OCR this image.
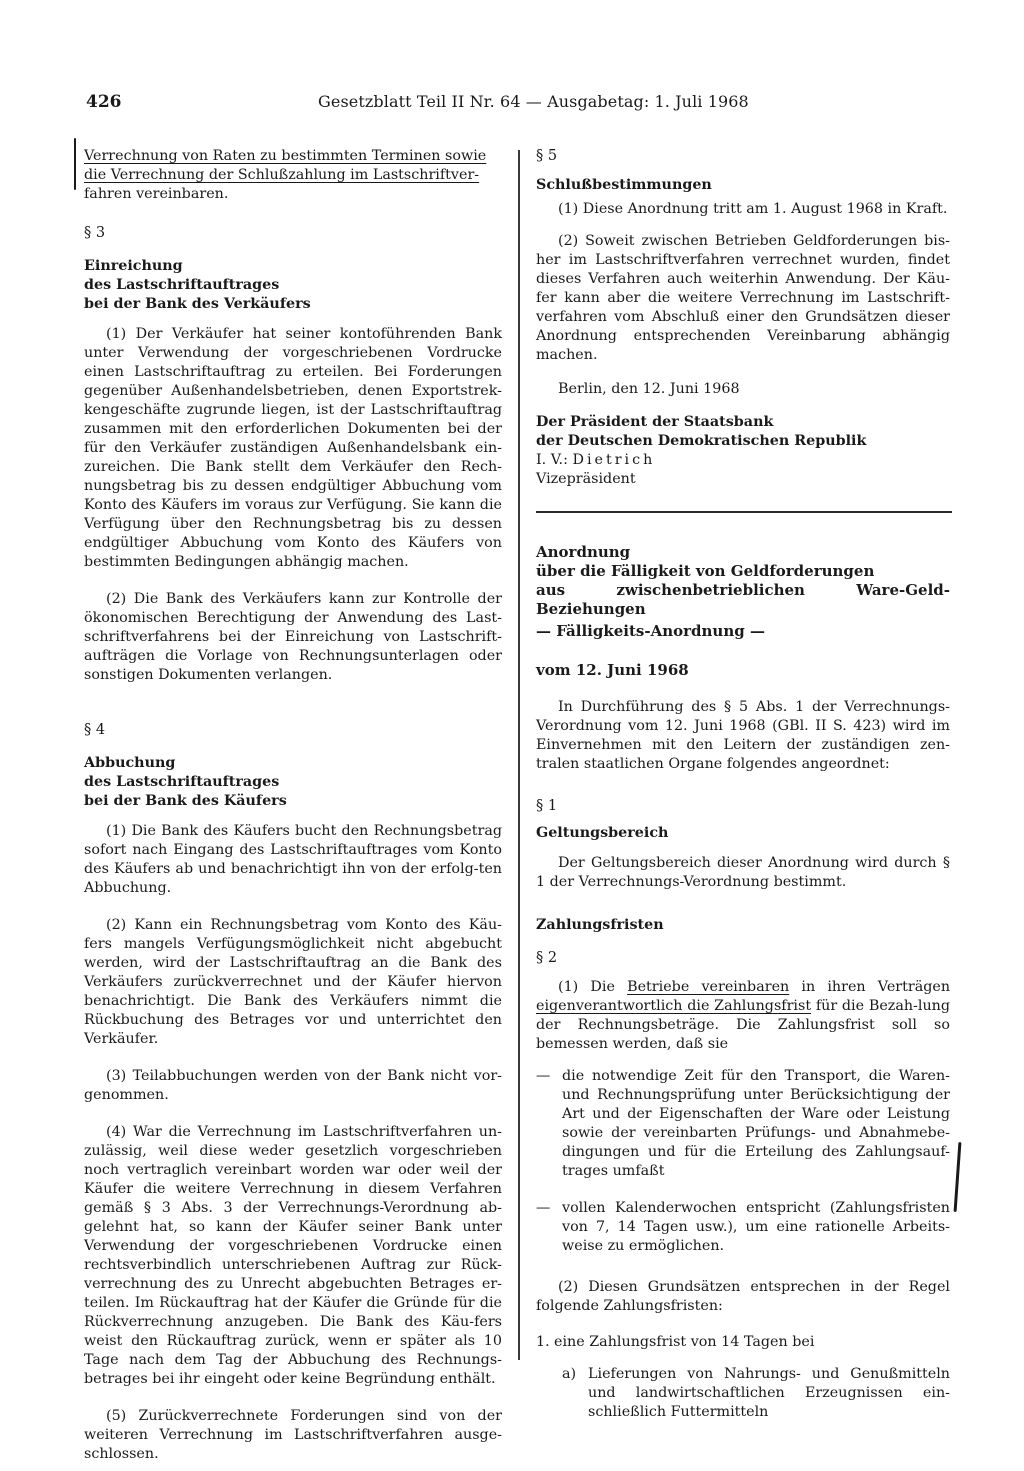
426	Gesetzblatt Teil II Nr. 64 — Ausgabetag: 1. Juli 1968

Verrechnung von Raten zu bestimmten Terminen sowie

die Verrechnung der Schlußzahlung im Lastschriftver-

fahren vereinbaren.

§ 3

Einreichung

des Lastschriftauftrages

bei der Bank des Verkäufers

(1) Der Verkäufer hat seiner kontoführenden Bank unter Verwendung der vorgeschriebenen Vordrucke einen Lastschriftauftrag zu erteilen. Bei Forderungen gegenüber Außenhandelsbetrieben, denen Exportstrek-kengeschäfte zugrunde liegen, ist der Lastschriftauftrag zusammen mit den erforderlichen Dokumenten bei der für den Verkäufer zuständigen Außenhandelsbank ein-zureichen. Die Bank stellt dem Verkäufer den Rech-nungsbetrag bis zu dessen endgültiger Abbuchung vom Konto des Käufers im voraus zur Verfügung. Sie kann die Verfügung über den Rechnungsbetrag bis zu dessen endgültiger Abbuchung vom Konto des Käufers von bestimmten Bedingungen abhängig machen.

(2) Die Bank des Verkäufers kann zur Kontrolle der ökonomischen Berechtigung der Anwendung des Last-schriftverfahrens bei der Einreichung von Lastschrift-aufträgen die Vorlage von Rechnungsunterlagen oder sonstigen Dokumenten verlangen.

§ 4

Abbuchung

des Lastschriftauftrages

bei der Bank des Käufers

(1) Die Bank des Käufers bucht den Rechnungsbetrag sofort nach Eingang des Lastschriftauftrages vom Konto des Käufers ab und benachrichtigt ihn von der erfolg-ten Abbuchung.

(2) Kann ein Rechnungsbetrag vom Konto des Käu-fers mangels Verfügungsmöglichkeit nicht abgebucht werden, wird der Lastschriftauftrag an die Bank des Verkäufers zurückverrechnet und der Käufer hiervon benachrichtigt. Die Bank des Verkäufers nimmt die Rückbuchung des Betrages vor und unterrichtet den Verkäufer.

(3) Teilabbuchungen werden von der Bank nicht vor-genommen.

(4) War die Verrechnung im Lastschriftverfahren un-zulässig, weil diese weder gesetzlich vorgeschrieben noch vertraglich vereinbart worden war oder weil der Käufer die weitere Verrechnung in diesem Verfahren gemäß § 3 Abs. 3 der Verrechnungs-Verordnung ab-gelehnt hat, so kann der Käufer seiner Bank unter Verwendung der vorgeschriebenen Vordrucke einen rechtsverbindlich unterschriebenen Auftrag zur Rück-verrechnung des zu Unrecht abgebuchten Betrages er-teilen. Im Rückauftrag hat der Käufer die Gründe für die Rückverrechnung anzugeben. Die Bank des Käu-fers weist den Rückauftrag zurück, wenn er später als 10 Tage nach dem Tag der Abbuchung des Rechnungs-betrages bei ihr eingeht oder keine Begründung enthält.

(5) Zurückverrechnete Forderungen sind von der weiteren Verrechnung im Lastschriftverfahren ausge-schlossen.

§ 5

Schlußbestimmungen

(1) Diese Anordnung tritt am 1. August 1968 in Kraft.

(2) Soweit zwischen Betrieben Geldforderungen bis-her im Lastschriftverfahren verrechnet wurden, findet dieses Verfahren auch weiterhin Anwendung. Der Käu-fer kann aber die weitere Verrechnung im Lastschrift-verfahren vom Abschluß einer den Grundsätzen dieser Anordnung entsprechenden Vereinbarung abhängig machen.

Berlin, den 12. Juni 1968

Der Präsident der Staatsbank

der Deutschen Demokratischen Republik

I. V.: Dietrich

Vizepräsident

Anordnung

über die Fälligkeit von Geldforderungen

aus zwischenbetrieblichen Ware-Geld-Beziehungen

— Fälligkeits-Anordnung —

vom 12. Juni 1968

In Durchführung des § 5 Abs. 1 der Verrechnungs-Verordnung vom 12. Juni 1968 (GBl. II S. 423) wird im Einvernehmen mit den Leitern der zuständigen zen-tralen staatlichen Organe folgendes angeordnet:

§ 1

Geltungsbereich

Der Geltungsbereich dieser Anordnung wird durch § 1 der Verrechnungs-Verordnung bestimmt.

Zahlungsfristen

§ 2

(1) Die Betriebe vereinbaren in ihren Verträgen eigenverantwortlich die Zahlungsfrist für die Bezah-lung der Rechnungsbeträge. Die Zahlungsfrist soll so bemessen werden, daß sie

— die notwendige Zeit für den Transport, die Waren- und Rechnungsprüfung unter Berücksichtigung der Art und der Eigenschaften der Ware oder Leistung sowie der vereinbarten Prüfungs- und Abnahmebe-dingungen und für die Erteilung des Zahlungsauf-trages umfaßt
— vollen Kalenderwochen entspricht (Zahlungsfristen von 7, 14 Tagen usw.), um eine rationelle Arbeits-weise zu ermöglichen.

(2) Diesen Grundsätzen entsprechen in der Regel folgende Zahlungsfristen:

1. eine Zahlungsfrist von 14 Tagen bei
a) Lieferungen von Nahrungs- und Genußmitteln und landwirtschaftlichen Erzeugnissen ein-schließlich Futtermitteln
